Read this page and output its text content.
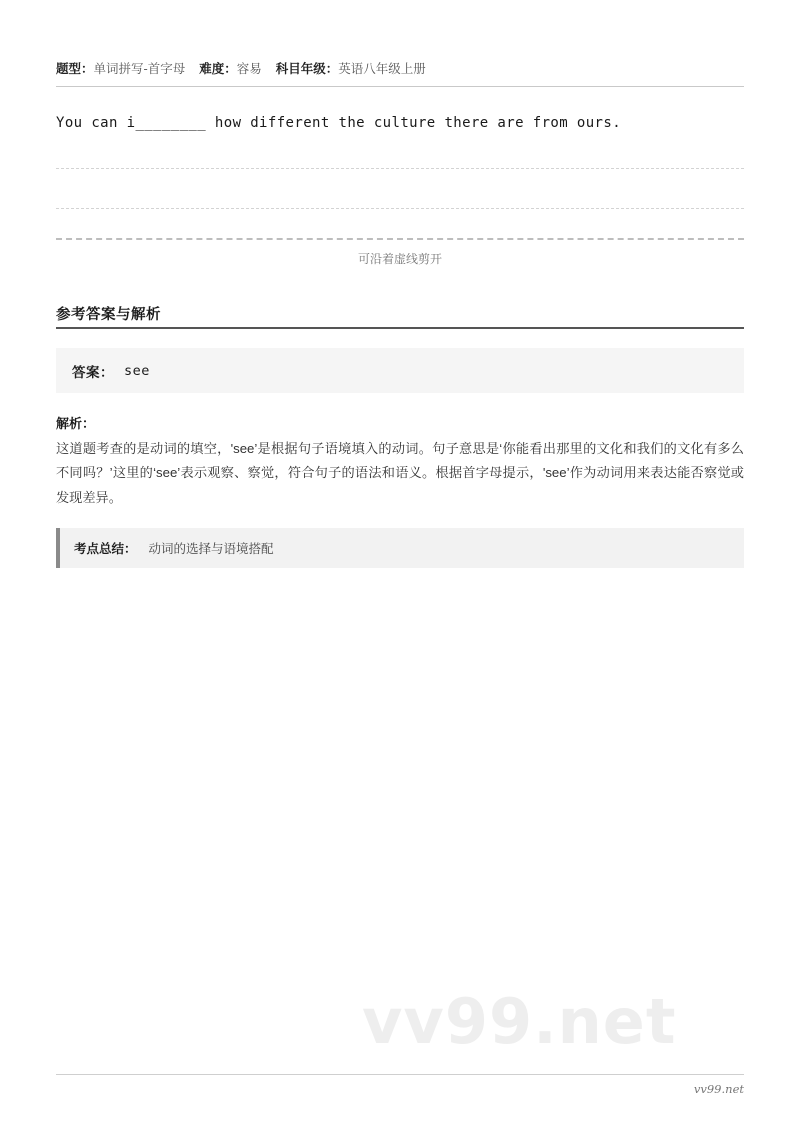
题型：单词拼写-首字母 难度：容易 科目年级：英语八年级上册
You can i________ how different the culture there are from ours.
可沿着虚线剪开
参考答案与解析
答案： see
解析：
这道题考查的是动词的填空，'see’是根据句子语境填入的动词。句子意思是‘你能看出那里的文化和我们的文化有多么不同吗？’这里的‘see’表示观察、察觉，符合句子的语法和语义。根据首字母提示，'see’作为动词用来表达能否察觉或发现差异。
考点总结： 动词的选择与语境搭配
vv99.net
vv99.net
